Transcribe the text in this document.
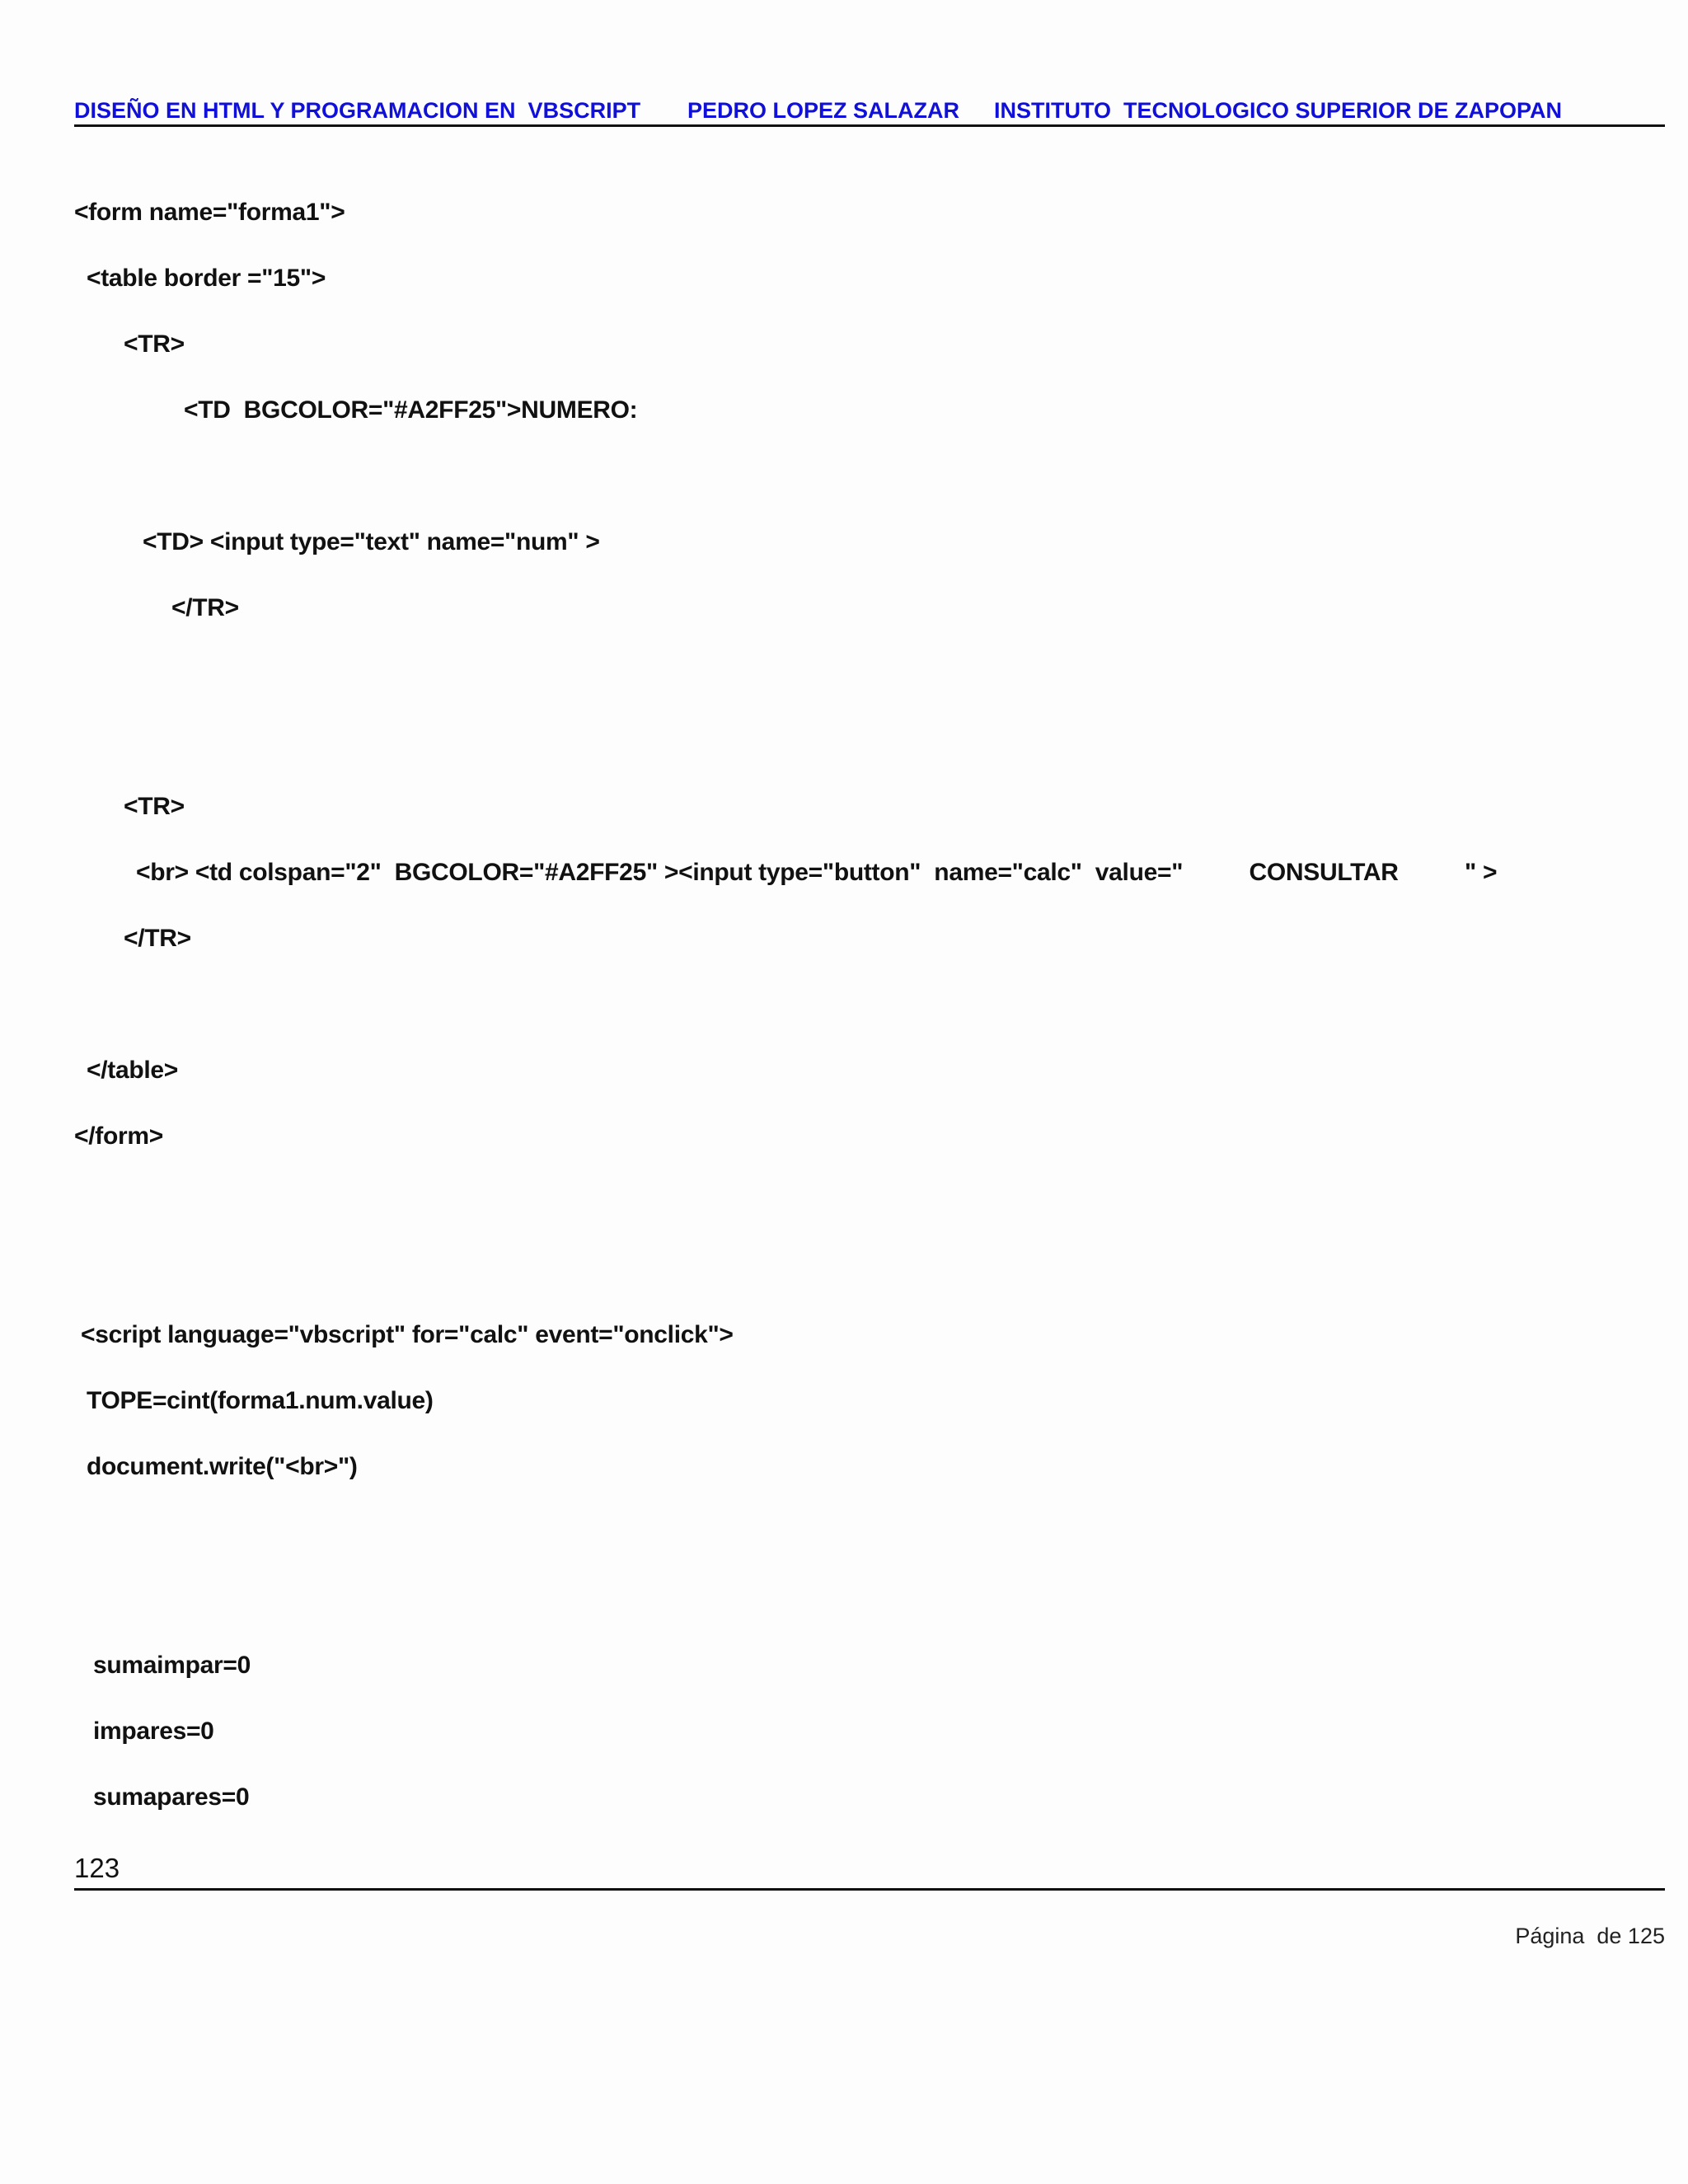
DISEÑO EN HTML Y PROGRAMACION EN  VBSCRIPT PEDRO LOPEZ SALAZAR INSTITUTO  TECNOLOGICO SUPERIOR DE ZAPOPAN
<form name="forma1">
<table border ="15">
<TR>
<TD  BGCOLOR="#A2FF25">NUMERO:
<TD> <input type="text" name="num" >
</TR>
<TR>
<br> <td colspan="2"  BGCOLOR="#A2FF25" ><input type="button"  name="calc"  value="          CONSULTAR          " >
</TR>
</table>
</form>
<script language="vbscript" for="calc" event="onclick">
TOPE=cint(forma1.num.value)
document.write("<br>")
sumaimpar=0
impares=0
sumapares=0
123
Página  de 125
